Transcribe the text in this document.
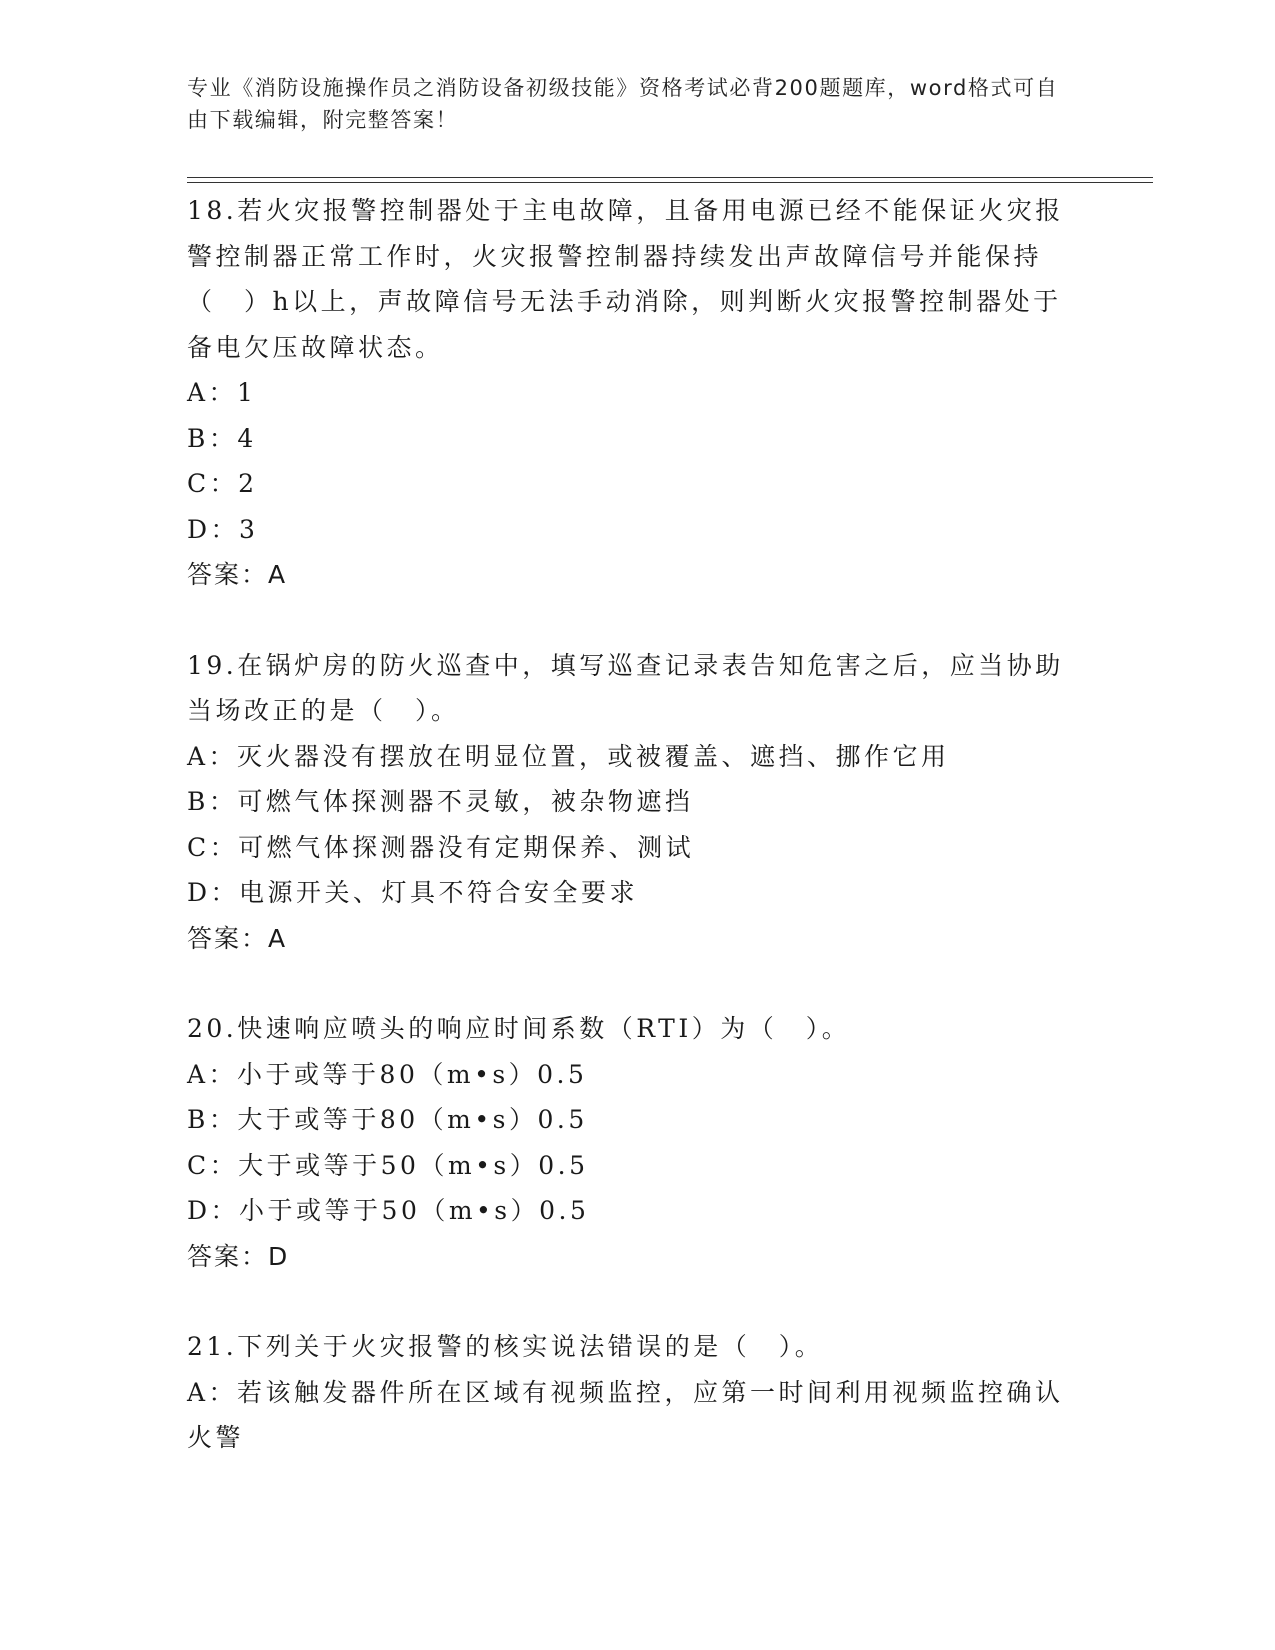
专业《消防设施操作员之消防设备初级技能》资格考试必背200题题库，word格式可自由下载编辑，附完整答案！

18.若火灾报警控制器处于主电故障，且备用电源已经不能保证火灾报警控制器正常工作时，火灾报警控制器持续发出声故障信号并能保持（　）h以上，声故障信号无法手动消除，则判断火灾报警控制器处于备电欠压故障状态。

A：1

B：4

C：2

D：3

答案：A

19.在锅炉房的防火巡查中，填写巡查记录表告知危害之后，应当协助当场改正的是（　）。

A：灭火器没有摆放在明显位置，或被覆盖、遮挡、挪作它用

B：可燃气体探测器不灵敏，被杂物遮挡

C：可燃气体探测器没有定期保养、测试

D：电源开关、灯具不符合安全要求

答案：A

20.快速响应喷头的响应时间系数（RTI）为（　）。

A：小于或等于80（m•s）0.5

B：大于或等于80（m•s）0.5

C：大于或等于50（m•s）0.5

D：小于或等于50（m•s）0.5

答案：D

21.下列关于火灾报警的核实说法错误的是（　）。

A：若该触发器件所在区域有视频监控，应第一时间利用视频监控确认火警
